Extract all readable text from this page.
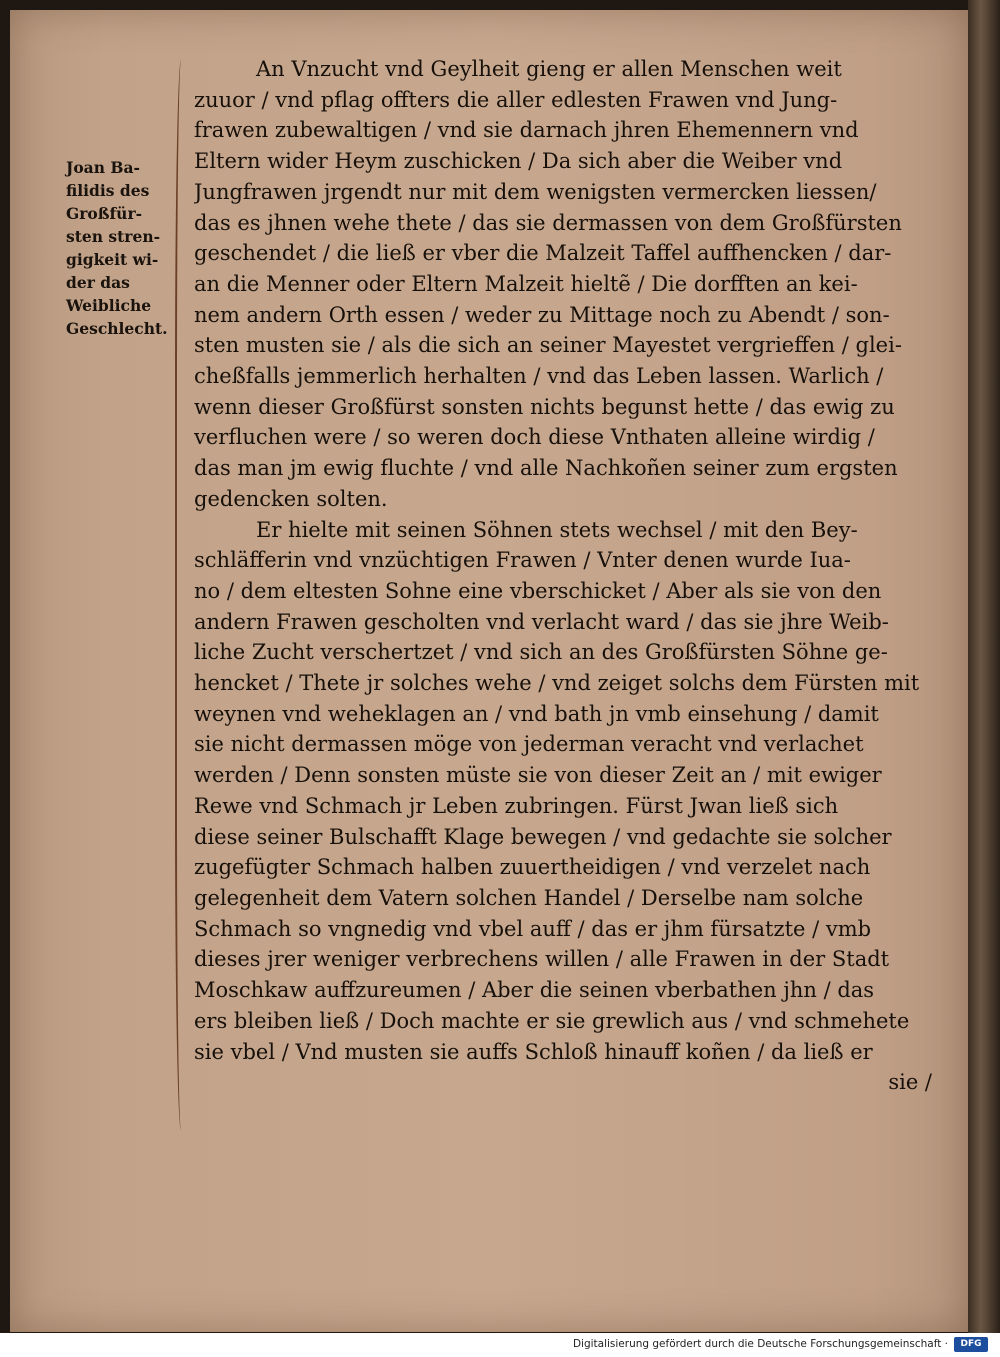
Joan Ba-
filidis des
Großfür-
sten stren-
gigkeit wi-
der das
Weibliche
Geschlecht.
An Vnzucht vnd Geylheit gieng er allen Menschen weit
zuuor / vnd pflag offters die aller edlesten Frawen vnd Jung-
frawen zubewaltigen / vnd sie darnach jhren Ehemennern vnd
Eltern wider Heym zuschicken / Da sich aber die Weiber vnd
Jungfrawen jrgendt nur mit dem wenigsten vermercken liessen/
das es jhnen wehe thete / das sie dermassen von dem Großfürsten
geschendet / die ließ er vber die Malzeit Taffel auffhencken / dar-
an die Menner oder Eltern Malzeit hieltẽ / Die dorfften an kei-
nem andern Orth essen / weder zu Mittage noch zu Abendt / son-
sten musten sie / als die sich an seiner Mayestet vergrieffen / glei-
cheßfalls jemmerlich herhalten / vnd das Leben lassen. Warlich /
wenn dieser Großfürst sonsten nichts begunst hette / das ewig zu
verfluchen were / so weren doch diese Vnthaten alleine wirdig /
das man jm ewig fluchte / vnd alle Nachkoñen seiner zum ergsten
gedencken solten.
Er hielte mit seinen Söhnen stets wechsel / mit den Bey-
schläfferin vnd vnzüchtigen Frawen / Vnter denen wurde Iua-
no / dem eltesten Sohne eine vberschicket / Aber als sie von den
andern Frawen gescholten vnd verlacht ward / das sie jhre Weib-
liche Zucht verschertzet / vnd sich an des Großfürsten Söhne ge-
hencket / Thete jr solches wehe / vnd zeiget solchs dem Fürsten mit
weynen vnd weheklagen an / vnd bath jn vmb einsehung / damit
sie nicht dermassen möge von jederman veracht vnd verlachet
werden / Denn sonsten müste sie von dieser Zeit an / mit ewiger
Rewe vnd Schmach jr Leben zubringen. Fürst Jwan ließ sich
diese seiner Bulschafft Klage bewegen / vnd gedachte sie solcher
zugefügter Schmach halben zuuertheidigen / vnd verzelet nach
gelegenheit dem Vatern solchen Handel / Derselbe nam solche
Schmach so vngnedig vnd vbel auff / das er jhm fürsatzte / vmb
dieses jrer weniger verbrechens willen / alle Frawen in der Stadt
Moschkaw auffzureumen / Aber die seinen vberbathen jhn / das
ers bleiben ließ / Doch machte er sie grewlich aus / vnd schmehete
sie vbel / Vnd musten sie auffs Schloß hinauff koñen / da ließ er
sie /
Digitalisierung gefördert durch die Deutsche Forschungsgemeinschaft ·	DFG
